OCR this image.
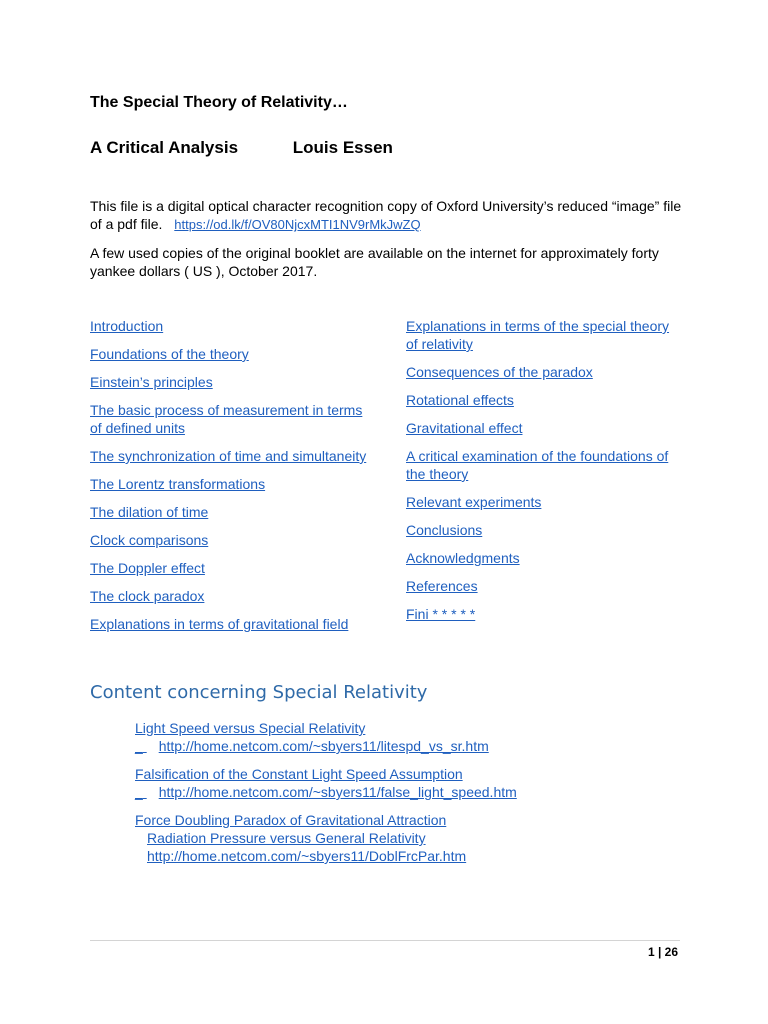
The Special Theory of Relativity…
A Critical Analysis	Louis Essen
This file is a digital optical character recognition copy of Oxford University’s reduced “image” file of a pdf file. https://od.lk/f/OV80NjcxMTI1NV9rMkJwZQ
A few used copies of the original booklet are available on the internet for approximately forty yankee dollars ( US ), October 2017.
Introduction
Foundations of the theory
Einstein’s principles
The basic process of measurement in terms of defined units
The synchronization of time and simultaneity
The Lorentz transformations
The dilation of time
Clock comparisons
The Doppler effect
The clock paradox
Explanations in terms of gravitational field
Explanations in terms of the special theory of relativity
Consequences of the paradox
Rotational effects
Gravitational effect
A critical examination of the foundations of the theory
Relevant experiments
Conclusions
Acknowledgments
References
Fini * * * * *
Content concerning Special Relativity
Light Speed versus Special Relativity
_ http://home.netcom.com/~sbyers11/litespd_vs_sr.htm
Falsification of the Constant Light Speed Assumption
_ http://home.netcom.com/~sbyers11/false_light_speed.htm
Force Doubling Paradox of Gravitational Attraction
Radiation Pressure versus General Relativity
http://home.netcom.com/~sbyers11/DoblFrcPar.htm
1 | 26
